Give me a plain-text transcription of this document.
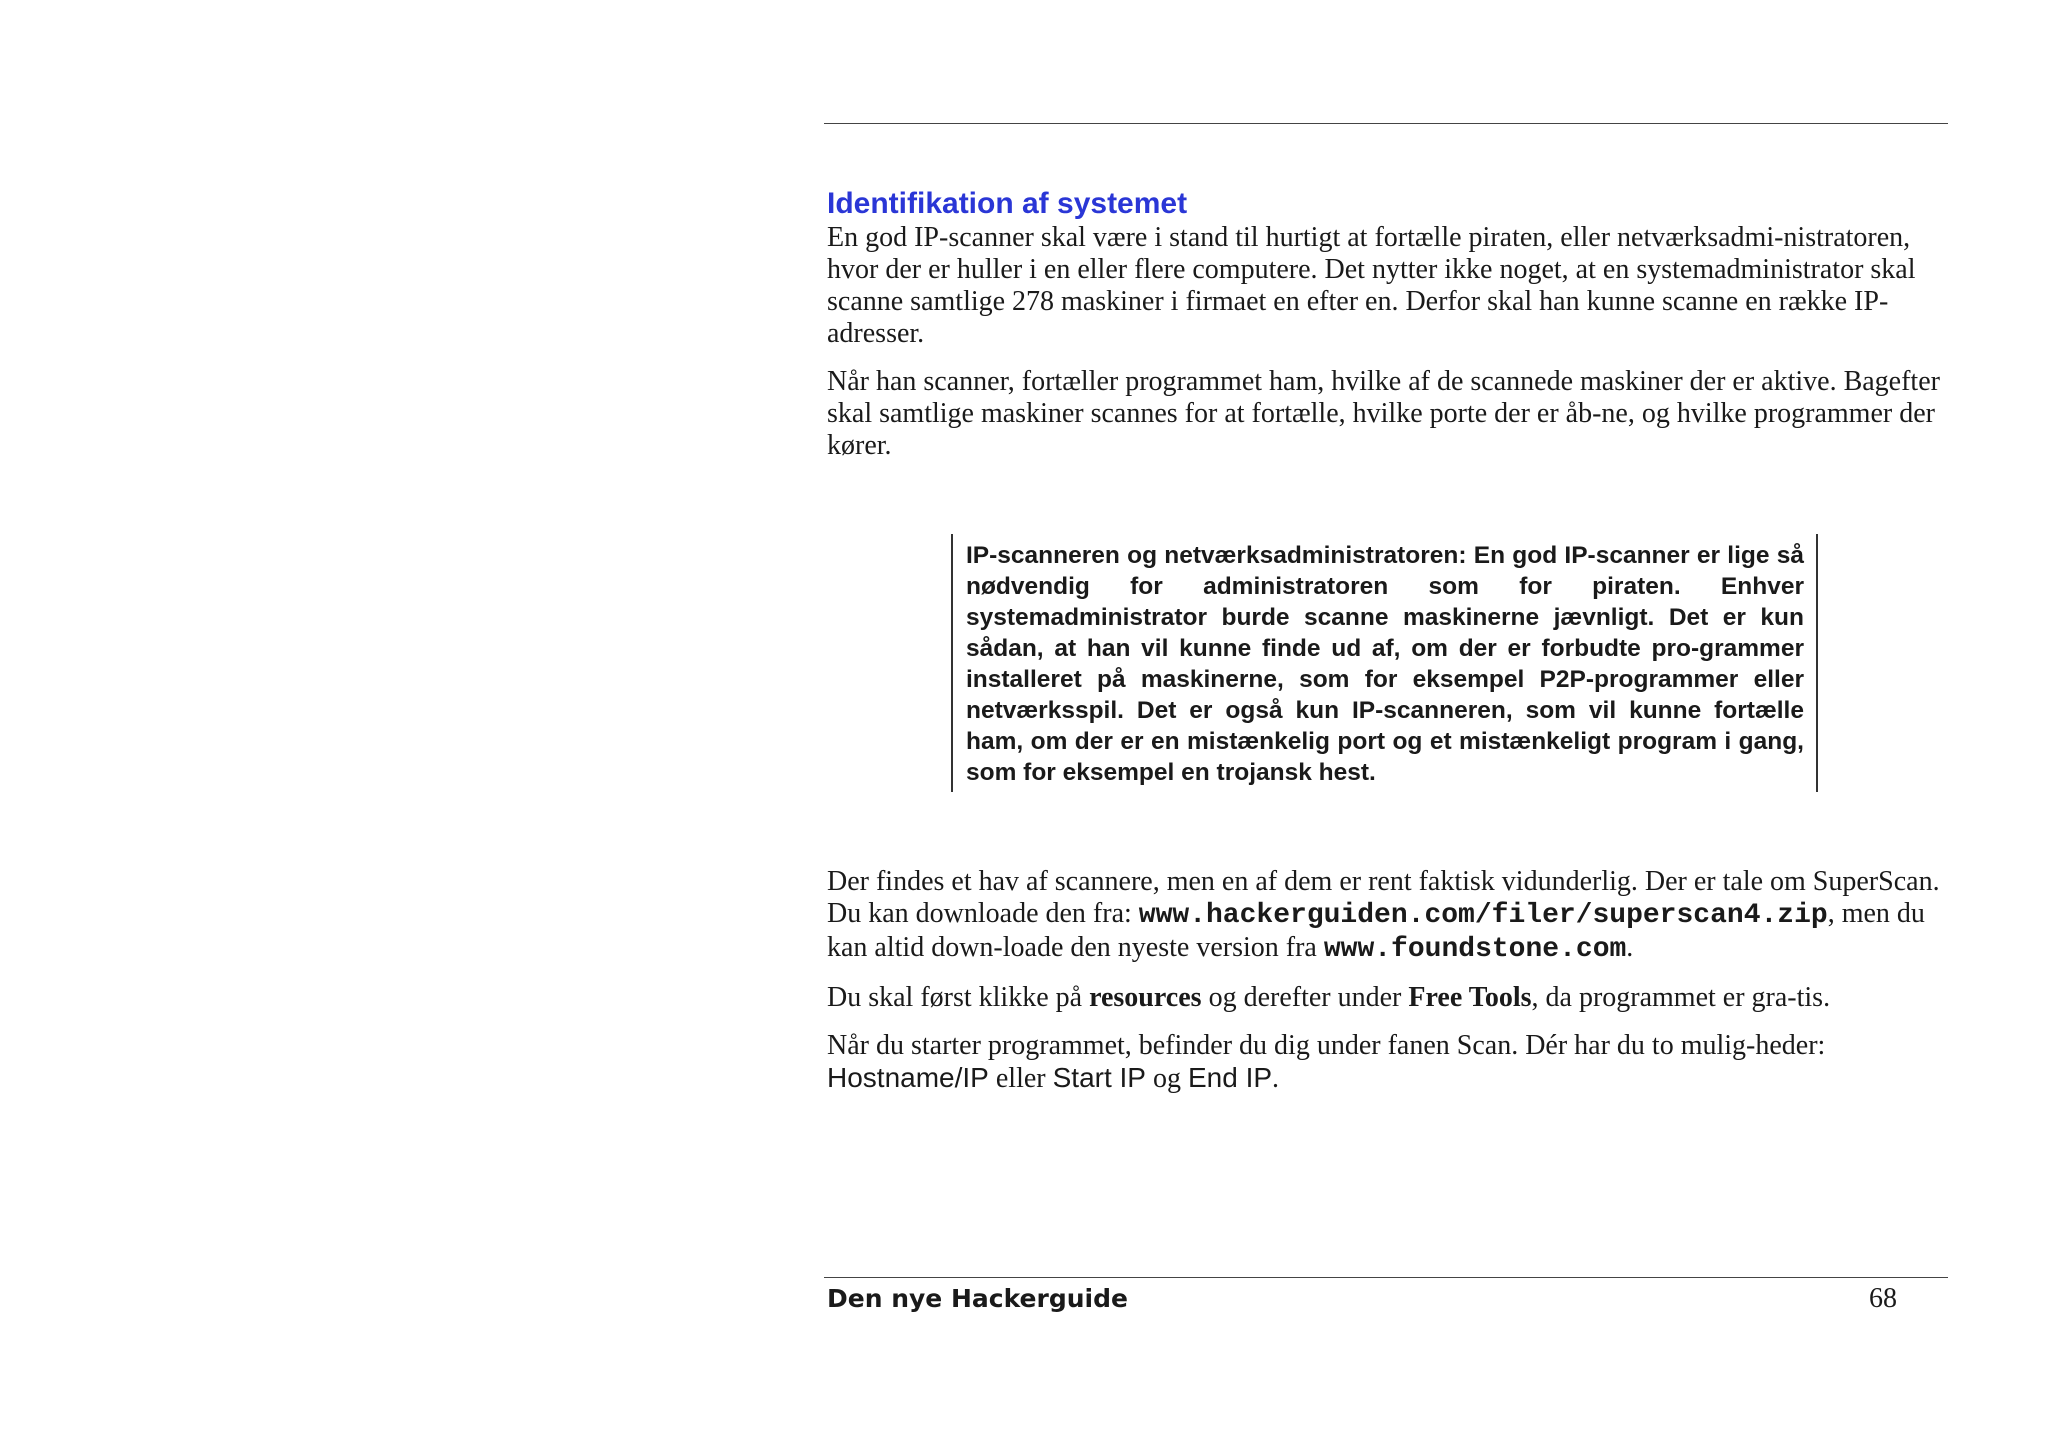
Identifikation af systemet

En god IP-scanner skal være i stand til hurtigt at fortælle piraten, eller netværksadmi-nistratoren, hvor der er huller i en eller flere computere. Det nytter ikke noget, at en systemadministrator skal scanne samtlige 278 maskiner i firmaet en efter en. Derfor skal han kunne scanne en række IP-adresser.

Når han scanner, fortæller programmet ham, hvilke af de scannede maskiner der er aktive. Bagefter skal samtlige maskiner scannes for at fortælle, hvilke porte der er åb-ne, og hvilke programmer der kører.

IP-scanneren og netværksadministratoren: En god IP-scanner er lige så nødvendig for administratoren som for piraten. Enhver systemadministrator burde scanne maskinerne jævnligt. Det er kun sådan, at han vil kunne finde ud af, om der er forbudte pro-grammer installeret på maskinerne, som for eksempel P2P-programmer eller netværksspil. Det er også kun IP-scanneren, som vil kunne fortælle ham, om der er en mistænkelig port og et mistænkeligt program i gang, som for eksempel en trojansk hest.

Der findes et hav af scannere, men en af dem er rent faktisk vidunderlig. Der er tale om SuperScan. Du kan downloade den fra: www.hackerguiden.com/filer/superscan4.zip, men du kan altid down-loade den nyeste version fra www.foundstone.com.

Du skal først klikke på resources og derefter under Free Tools, da programmet er gra-tis.

Når du starter programmet, befinder du dig under fanen Scan. Dér har du to mulig-heder: Hostname/IP eller Start IP og End IP.

Den nye Hackerguide	68
